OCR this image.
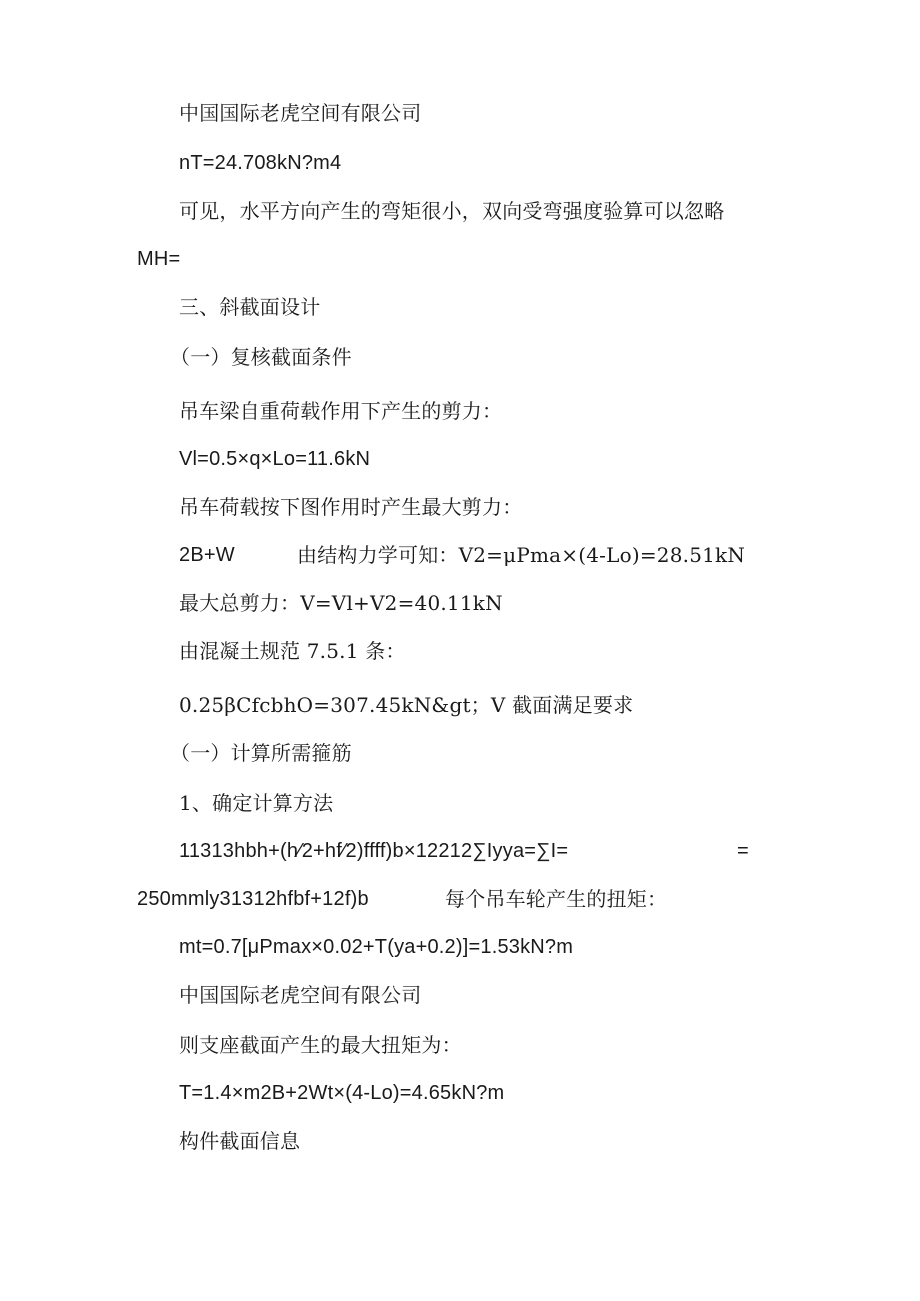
中国国际老虎空间有限公司
nT=24.708kN?m4
可见，水平方向产生的弯矩很小，双向受弯强度验算可以忽略
MH=
三、斜截面设计
（一）复核截面条件
吊车梁自重荷载作用下产生的剪力：
Vl=0.5×q×Lo=11.6kN
吊车荷载按下图作用时产生最大剪力：
2B+W	由结构力学可知：V2=μPma×(4-Lo)=28.51kN
最大总剪力：V=Vl+V2=40.11kN
由混凝土规范 7.5.1 条：
0.25βCfcbhO=307.45kN&gt；V 截面满足要求
（一）计算所需箍筋
1、确定计算方法
11313hbh+(h⁄2+hf⁄2)ffff)b×12212∑Iyya=∑I=	=
250mmly31312hfbf+12f)b	每个吊车轮产生的扭矩：
mt=0.7[μPmax×0.02+T(ya+0.2)]=1.53kN?m
中国国际老虎空间有限公司
则支座截面产生的最大扭矩为：
T=1.4×m2B+2Wt×(4-Lo)=4.65kN?m
构件截面信息
